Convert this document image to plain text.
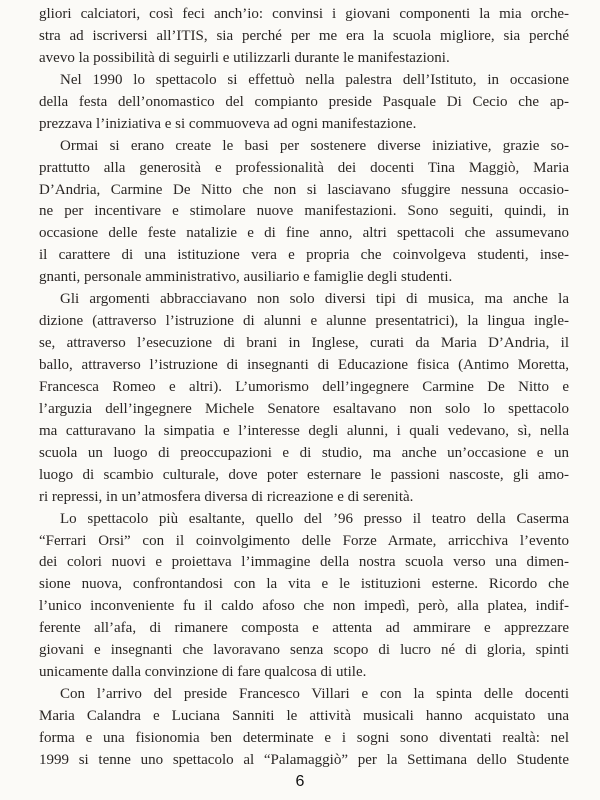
gliori calciatori, così feci anch’io: convinsi i giovani componenti la mia orche-
stra ad iscriversi all’ITIS, sia perché per me era la scuola migliore, sia perché
avevo la possibilità di seguirli e utilizzarli durante le manifestazioni.
Nel 1990 lo spettacolo si effettuò nella palestra dell’Istituto, in occasione
della festa dell’onomastico del compianto preside Pasquale Di Cecio che ap-
prezzava l’iniziativa e si commuoveva ad ogni manifestazione.
Ormai si erano create le basi per sostenere diverse iniziative, grazie so-
prattutto alla generosità e professionalità dei docenti Tina Maggiò, Maria
D’Andria, Carmine De Nitto che non si lasciavano sfuggire nessuna occasio-
ne per incentivare e stimolare nuove manifestazioni. Sono seguiti, quindi, in
occasione delle feste natalizie e di fine anno, altri spettacoli che assumevano
il carattere di una istituzione vera e propria che coinvolgeva studenti, inse-
gnanti, personale amministrativo, ausiliario e famiglie degli studenti.
Gli argomenti abbracciavano non solo diversi tipi di musica, ma anche la
dizione (attraverso l’istruzione di alunni e alunne presentatrici), la lingua ingle-
se, attraverso l’esecuzione di brani in Inglese, curati da Maria D’Andria, il
ballo, attraverso l’istruzione di insegnanti di Educazione fisica (Antimo Moretta,
Francesca Romeo e altri). L’umorismo dell’ingegnere Carmine De Nitto e
l’arguzia dell’ingegnere Michele Senatore esaltavano non solo lo spettacolo
ma catturavano la simpatia e l’interesse degli alunni, i quali vedevano, sì, nella
scuola un luogo di preoccupazioni e di studio, ma anche un’occasione e un
luogo di scambio culturale, dove poter esternare le passioni nascoste, gli amo-
ri repressi, in un’atmosfera diversa di ricreazione e di serenità.
Lo spettacolo più esaltante, quello del ’96 presso il teatro della Caserma
“Ferrari Orsi” con il coinvolgimento delle Forze Armate, arricchiva l’evento
dei colori nuovi e proiettava l’immagine della nostra scuola verso una dimen-
sione nuova, confrontandosi con la vita e le istituzioni esterne. Ricordo che
l’unico inconveniente fu il caldo afoso che non impedì, però, alla platea, indif-
ferente all’afa, di rimanere composta e attenta ad ammirare e apprezzare
giovani e insegnanti che lavoravano senza scopo di lucro né di gloria, spinti
unicamente dalla convinzione di fare qualcosa di utile.
Con l’arrivo del preside Francesco Villari e con la spinta delle docenti
Maria Calandra e Luciana Sanniti le attività musicali hanno acquistato una
forma e una fisionomia ben determinate e i sogni sono diventati realtà: nel
1999 si tenne uno spettacolo al “Palamaggiò” per la Settimana dello Studente
6
